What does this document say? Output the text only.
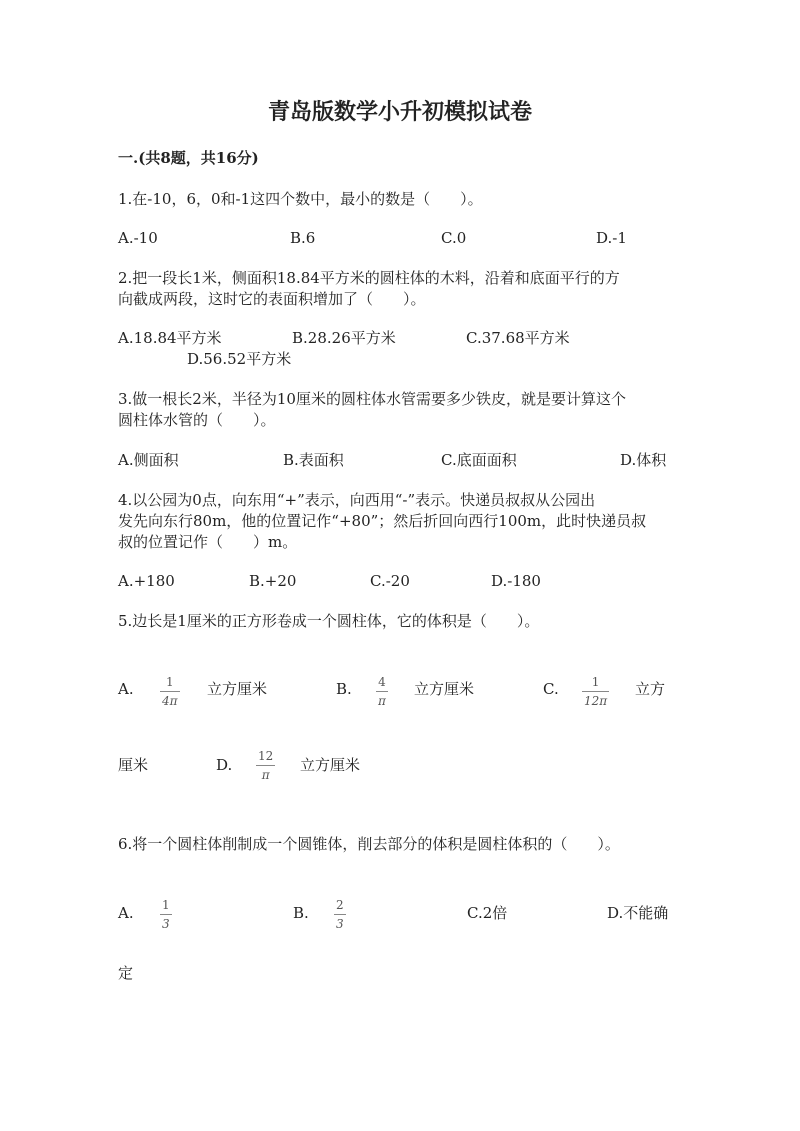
青岛版数学小升初模拟试卷
一.(共8题，共16分)
1.在-10，6，0和-1这四个数中，最小的数是（　　）。
A.-10	B.6	C.0	D.-1
2.把一段长1米，侧面积18.84平方米的圆柱体的木料，沿着和底面平行的方
向截成两段，这时它的表面积增加了（　　）。
A.18.84平方米	B.28.26平方米	C.37.68平方米
D.56.52平方米
3.做一根长2米，半径为10厘米的圆柱体水管需要多少铁皮，就是要计算这个
圆柱体水管的（　　）。
A.侧面积	B.表面积	C.底面面积	D.体积
4.以公园为0点，向东用“+”表示，向西用“-”表示。快递员叔叔从公园出
发先向东行80m，他的位置记作“+80”；然后折回向西行100m，此时快递员叔
叔的位置记作（　　）m。
A.+180	B.+20	C.-20	D.-180
5.边长是1厘米的正方形卷成一个圆柱体，它的体积是（　　）。
A.	1
4π
立方厘米	B. 4
π
立方厘米	C.	1
12π
立方
厘米	D. 12
π
立方厘米
6.将一个圆柱体削制成一个圆锥体，削去部分的体积是圆柱体积的（　　）。
A. 1
3
B. 2
3
C.2倍	D.不能确
定
